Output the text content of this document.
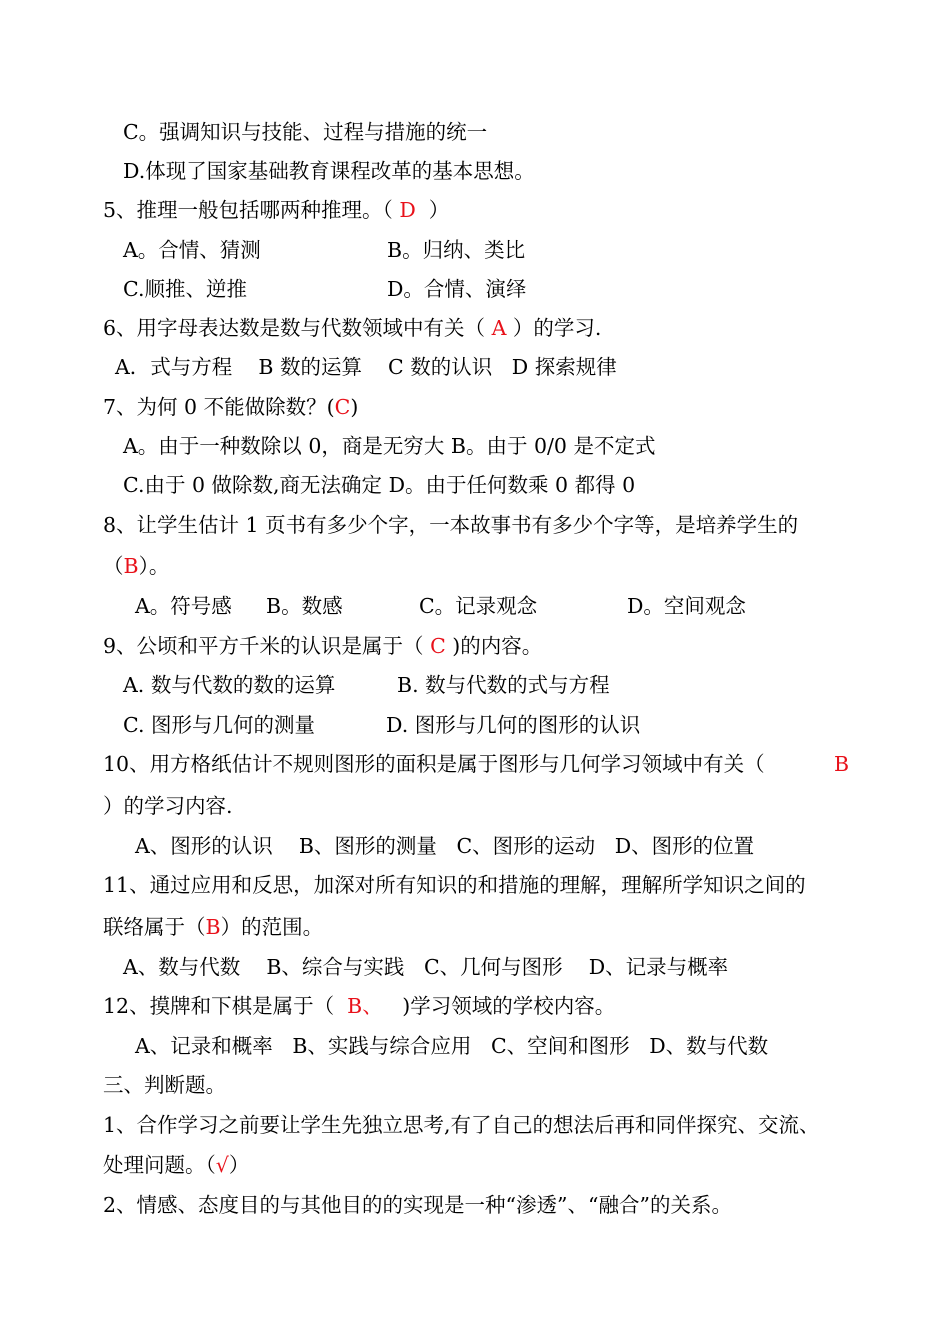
C。强调知识与技能、过程与措施的统一
D.体现了国家基础教育课程改革的基本思想。
5、推理一般包括哪两种推理。（ D  ）
A。合情、猜测	B。归纳、类比
C.顺推、逆推	D。合情、演绎
6、用字母表达数是数与代数领域中有关（ A ）的学习.
A．式与方程    B 数的运算    C 数的认识   D 探索规律
7、为何 0 不能做除数？(C)
A。由于一种数除以 0，商是无穷大 B。由于 0/0 是不定式
C.由于 0 做除数,商无法确定 D。由于任何数乘 0 都得 0
8、让学生估计 1 页书有多少个字，一本故事书有多少个字等，是培养学生的
（B）。
A。符号感 B。数感	C。记录观念	D。空间观念
9、公顷和平方千米的认识是属于（ C )的内容。
A. 数与代数的数的运算	B. 数与代数的式与方程
C. 图形与几何的测量	D. 图形与几何的图形的认识
10、用方格纸估计不规则图形的面积是属于图形与几何学习领域中有关（	B
）的学习内容.
A、图形的认识    B、图形的测量   C、图形的运动   D、图形的位置
11、通过应用和反思，加深对所有知识的和措施的理解，理解所学知识之间的
联络属于（B）的范围。
A、数与代数    B、综合与实践   C、几何与图形    D、记录与概率
12、摸牌和下棋是属于（  B、   )学习领域的学校内容。
A、记录和概率   B、实践与综合应用   C、空间和图形   D、数与代数
三、判断题。
1、合作学习之前要让学生先独立思考,有了自己的想法后再和同伴探究、交流、
处理问题。（√）
2、情感、态度目的与其他目的的实现是一种“渗透”、“融合”的关系。
